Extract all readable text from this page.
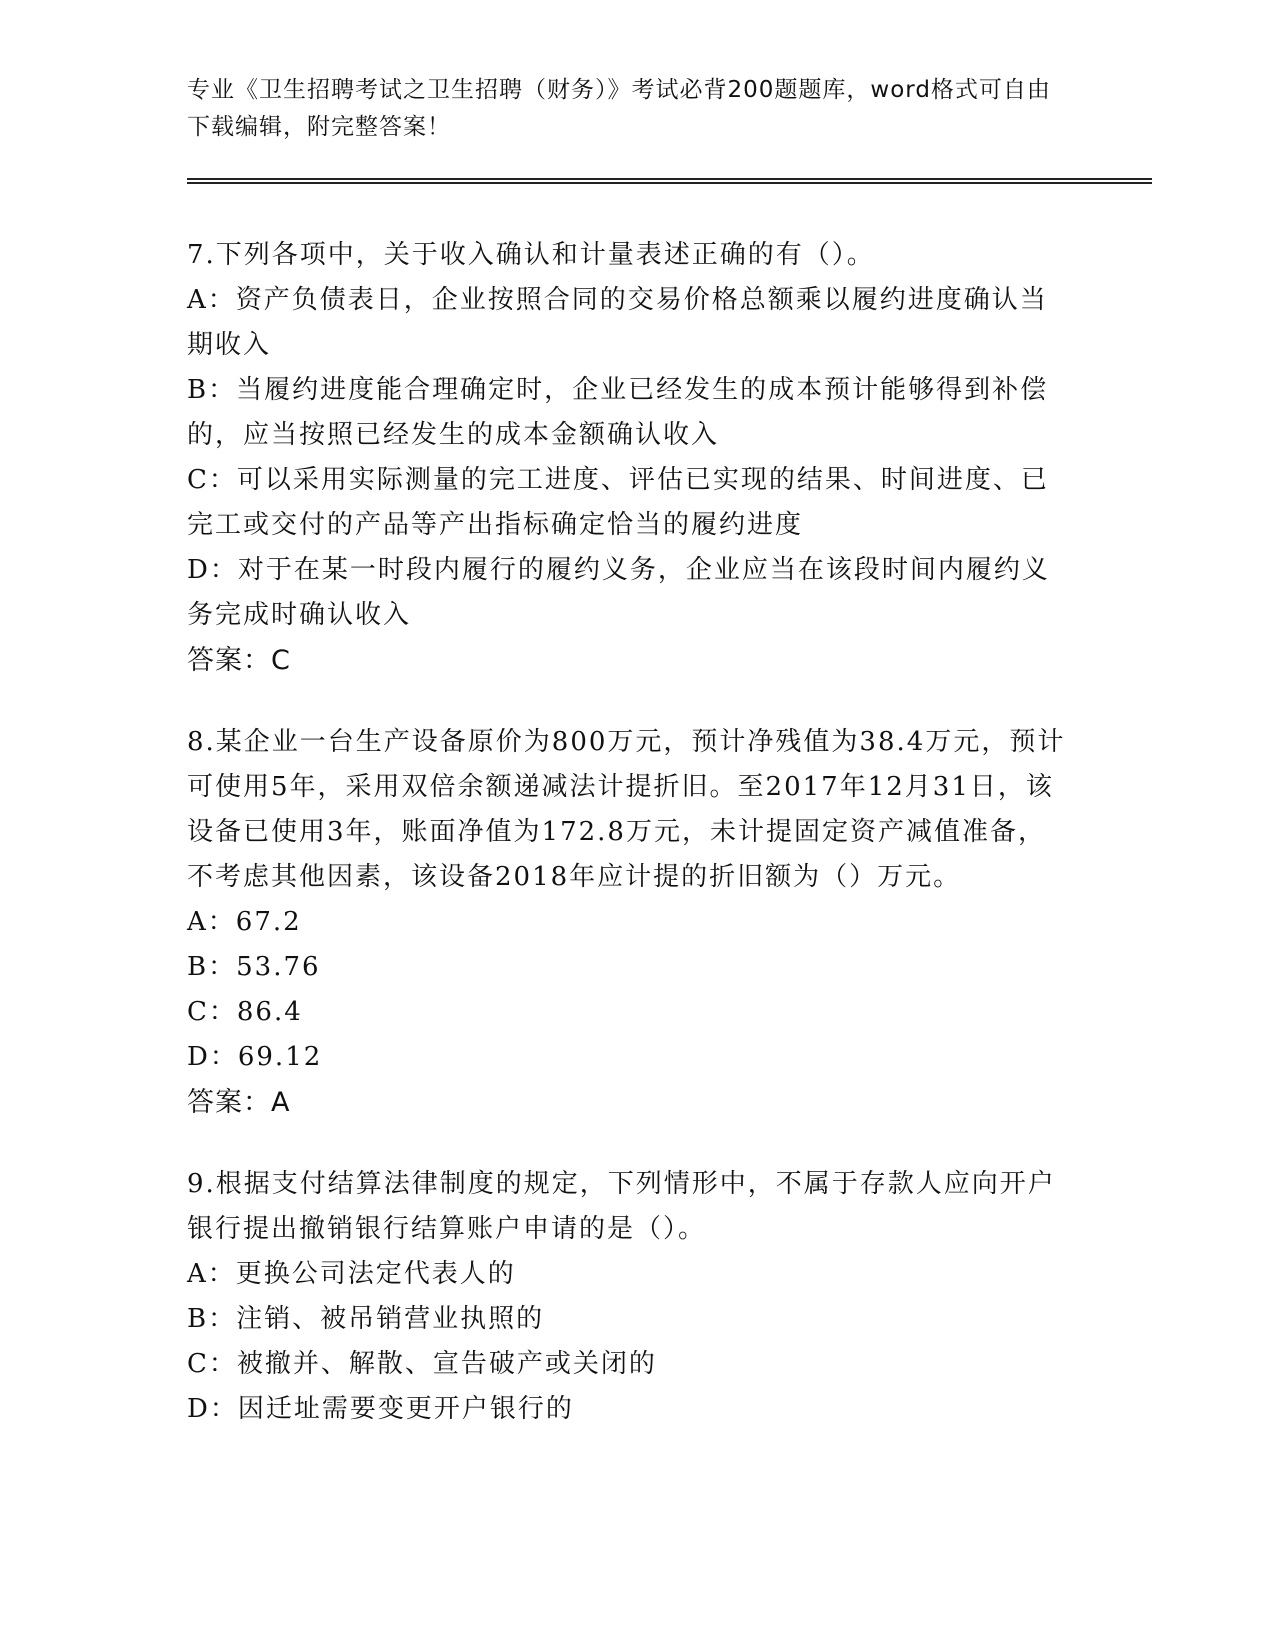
专业《卫生招聘考试之卫生招聘（财务）》考试必背200题题库，word格式可自由下载编辑，附完整答案！
7.下列各项中，关于收入确认和计量表述正确的有（）。
A：资产负债表日，企业按照合同的交易价格总额乘以履约进度确认当期收入
B：当履约进度能合理确定时，企业已经发生的成本预计能够得到补偿的，应当按照已经发生的成本金额确认收入
C：可以采用实际测量的完工进度、评估已实现的结果、时间进度、已完工或交付的产品等产出指标确定恰当的履约进度
D：对于在某一时段内履行的履约义务，企业应当在该段时间内履约义务完成时确认收入
答案：C
8.某企业一台生产设备原价为800万元，预计净残值为38.4万元，预计可使用5年，采用双倍余额递减法计提折旧。至2017年12月31日，该设备已使用3年，账面净值为172.8万元，未计提固定资产减值准备，不考虑其他因素，该设备2018年应计提的折旧额为（）万元。
A：67.2
B：53.76
C：86.4
D：69.12
答案：A
9.根据支付结算法律制度的规定，下列情形中，不属于存款人应向开户银行提出撤销银行结算账户申请的是（）。
A：更换公司法定代表人的
B：注销、被吊销营业执照的
C：被撤并、解散、宣告破产或关闭的
D：因迁址需要变更开户银行的
